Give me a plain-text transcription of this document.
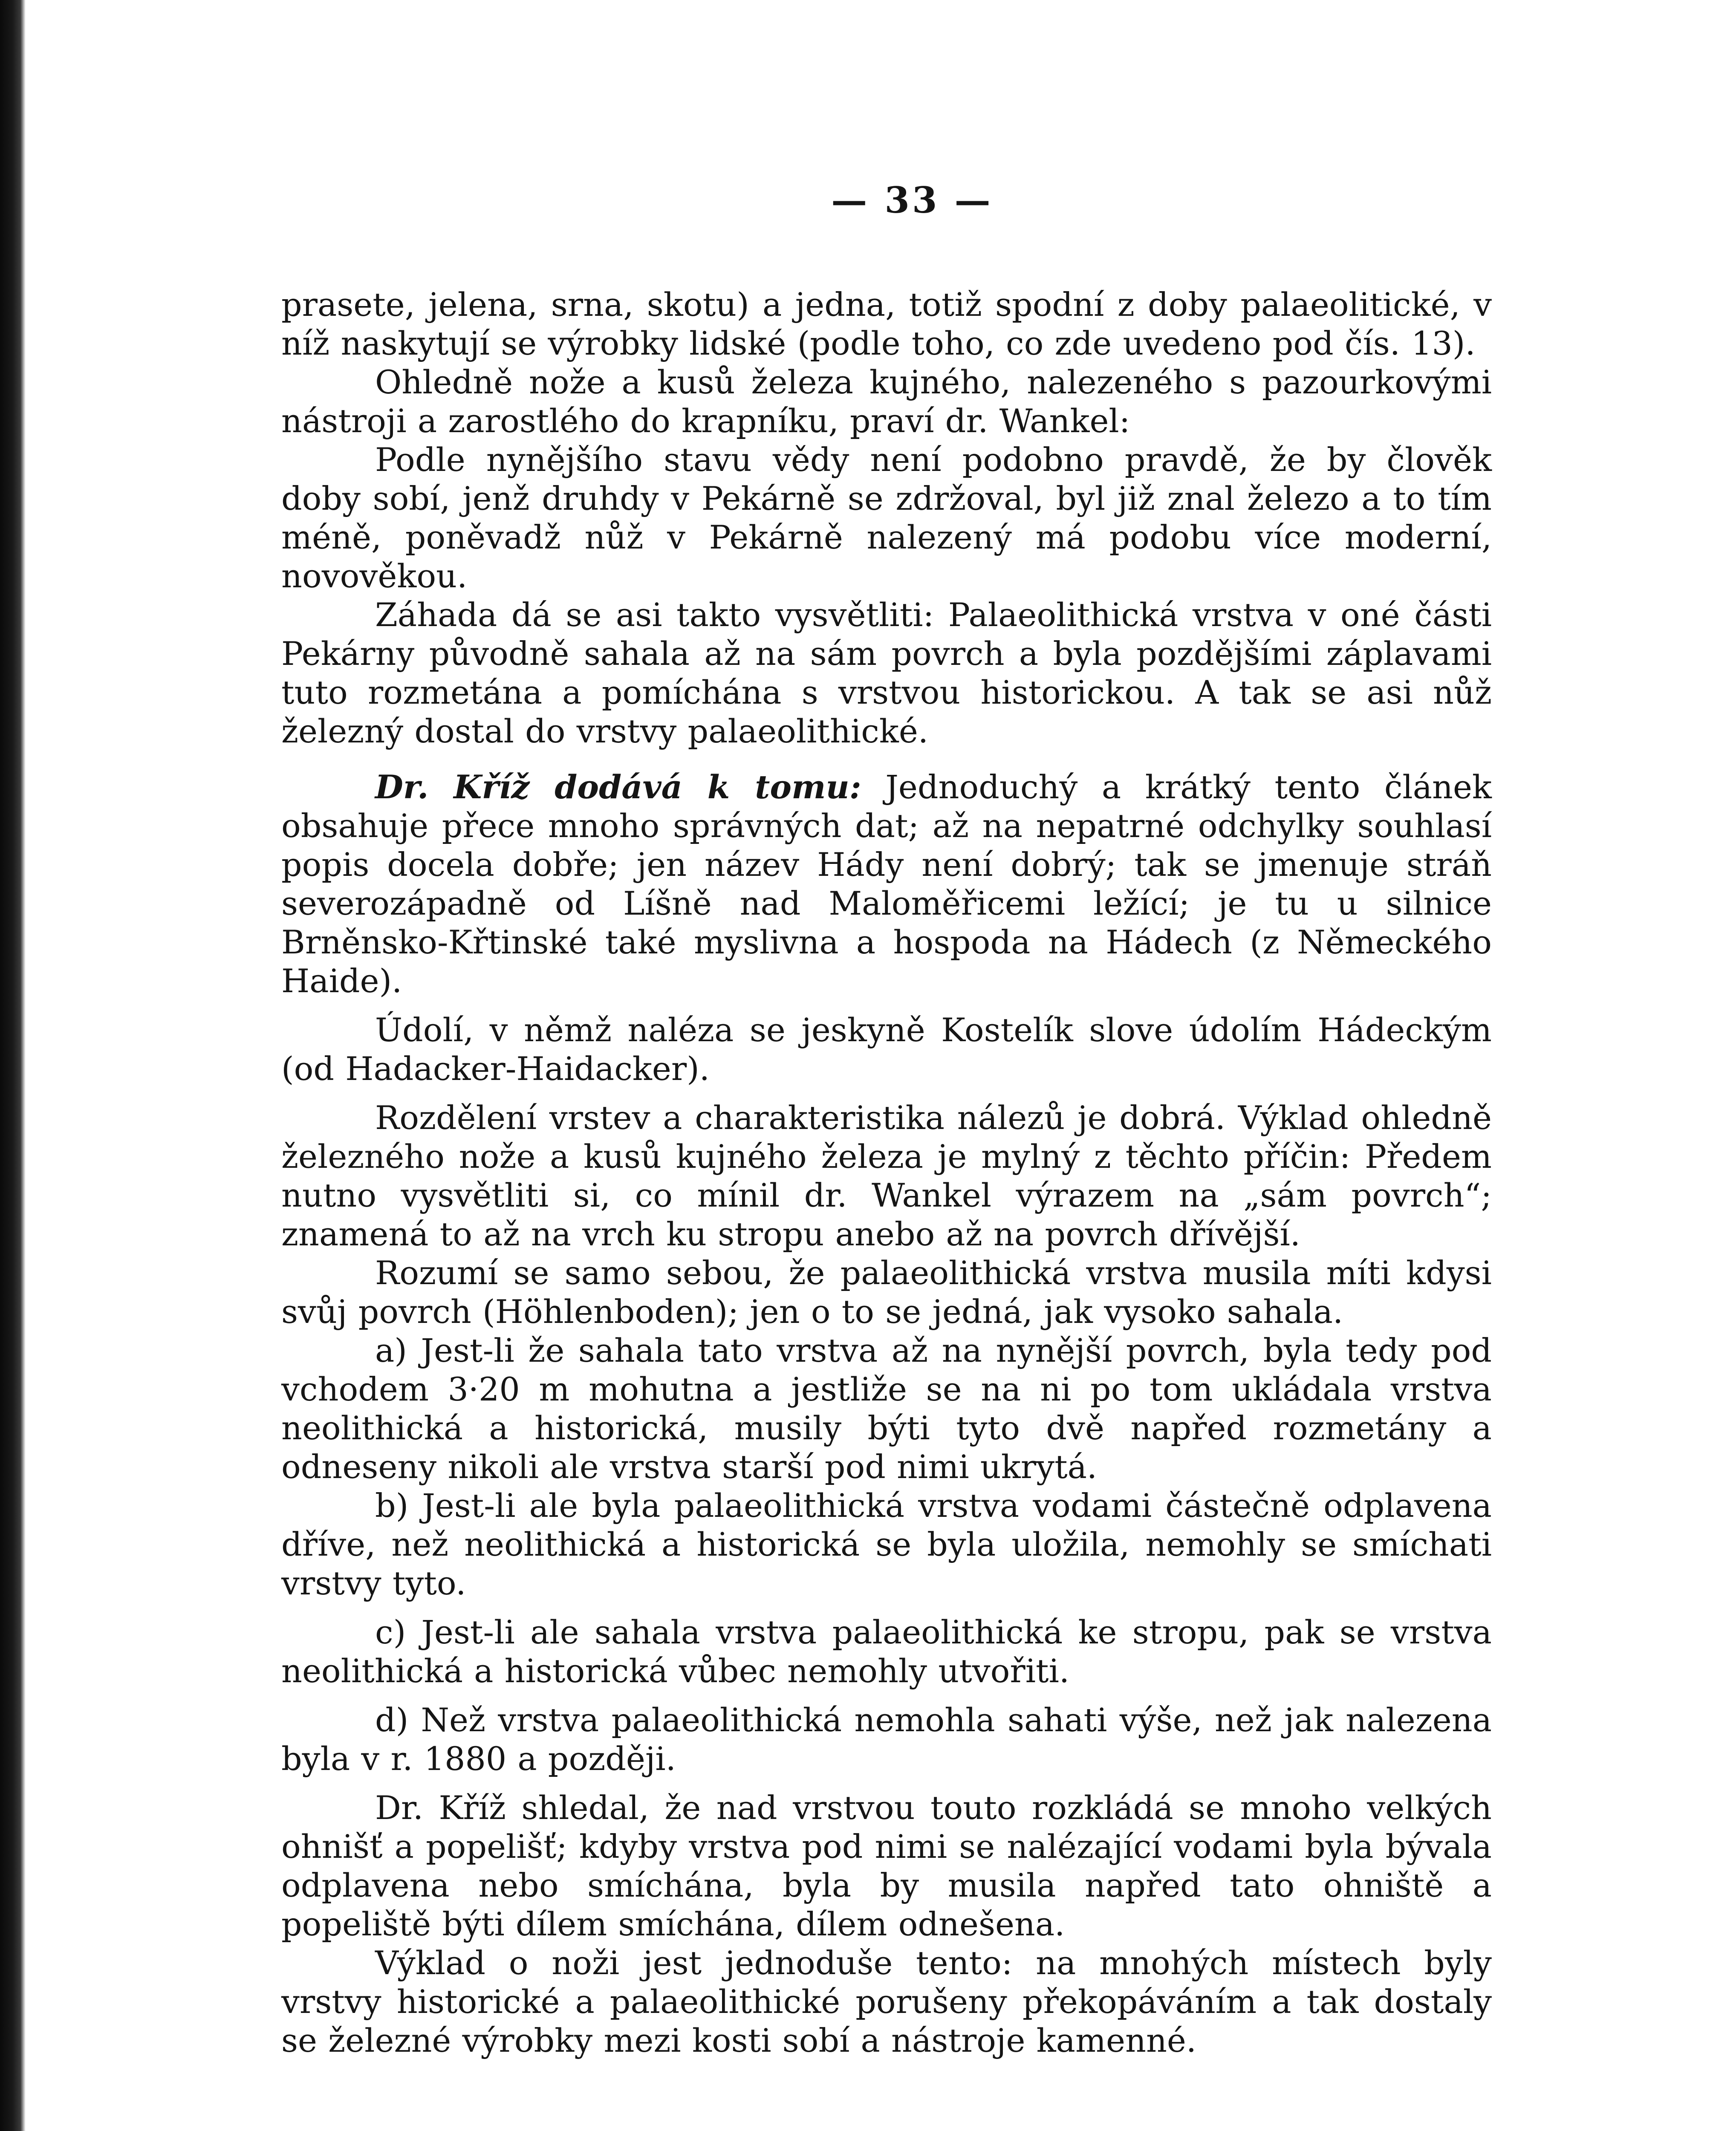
— 33 —

prasete, jelena, srna, skotu) a jedna, totiž spodní z doby palaeolitické, v níž naskytují se výrobky lidské (podle toho, co zde uvedeno pod čís. 13).

Ohledně nože a kusů železa kujného, nalezeného s pazourkovými nástroji a zarostlého do krapníku, praví dr. Wankel:

Podle nynějšího stavu vědy není podobno pravdě, že by člověk doby sobí, jenž druhdy v Pekárně se zdržoval, byl již znal železo a to tím méně, poněvadž nůž v Pekárně nalezený má podobu více moderní, novověkou.

Záhada dá se asi takto vysvětliti: Palaeolithická vrstva v oné části Pekárny původně sahala až na sám povrch a byla pozdějšími záplavami tuto rozmetána a pomíchána s vrstvou historickou. A tak se asi nůž železný dostal do vrstvy palaeolithické.

Dr. Kříž dodává k tomu: Jednoduchý a krátký tento článek obsahuje přece mnoho správných dat; až na nepatrné odchylky souhlasí popis docela dobře; jen název Hády není dobrý; tak se jmenuje stráň severozápadně od Líšně nad Maloměřicemi ležící; je tu u silnice Brněnsko-Křtinské také myslivna a hospoda na Hádech (z Německého Haide).

Údolí, v němž naléza se jeskyně Kostelík slove údolím Hádeckým (od Hadacker-Haidacker).

Rozdělení vrstev a charakteristika nálezů je dobrá. Výklad ohledně železného nože a kusů kujného železa je mylný z těchto příčin: Předem nutno vysvětliti si, co mínil dr. Wankel výrazem na „sám povrch“; znamená to až na vrch ku stropu anebo až na povrch dřívější.

Rozumí se samo sebou, že palaeolithická vrstva musila míti kdysi svůj povrch (Höhlenboden); jen o to se jedná, jak vysoko sahala.

a) Jest-li že sahala tato vrstva až na nynější povrch, byla tedy pod vchodem 3·20 m mohutna a jestliže se na ni po tom ukládala vrstva neolithická a historická, musily býti tyto dvě napřed rozmetány a odneseny nikoli ale vrstva starší pod nimi ukrytá.

b) Jest-li ale byla palaeolithická vrstva vodami částečně odplavena dříve, než neolithická a historická se byla uložila, nemohly se smíchati vrstvy tyto.

c) Jest-li ale sahala vrstva palaeolithická ke stropu, pak se vrstva neolithická a historická vůbec nemohly utvořiti.

d) Než vrstva palaeolithická nemohla sahati výše, než jak nalezena byla v r. 1880 a později.

Dr. Kříž shledal, že nad vrstvou touto rozkládá se mnoho velkých ohnišť a popelišť; kdyby vrstva pod nimi se nalézající vodami byla bývala odplavena nebo smíchána, byla by musila napřed tato ohniště a popeliště býti dílem smíchána, dílem odnešena.

Výklad o noži jest jednoduše tento: na mnohých místech byly vrstvy historické a palaeolithické porušeny překopáváním a tak dostaly se železné výrobky mezi kosti sobí a nástroje kamenné.
